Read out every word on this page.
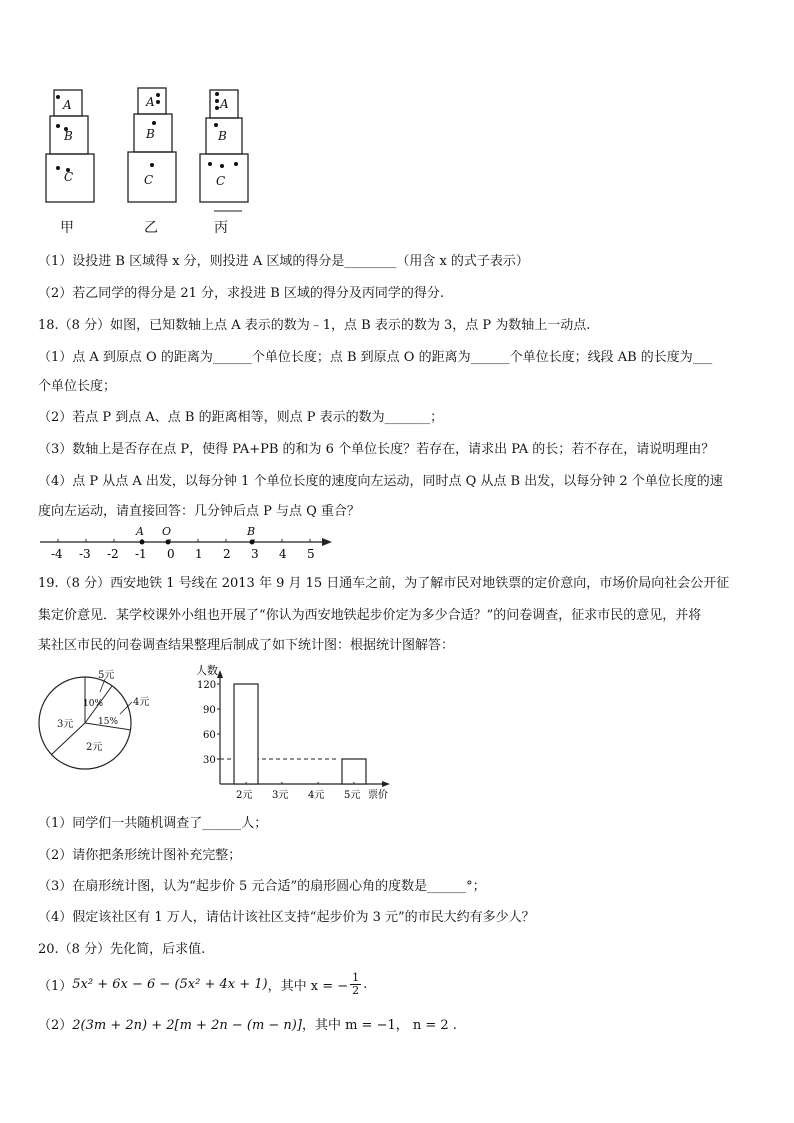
A
B
C
A
B
C
A
B
C
甲	乙	丙
（1）设投进 B 区域得 x 分，则投进 A 区域的得分是________（用含 x 的式子表示）
（2）若乙同学的得分是 21 分，求投进 B 区域的得分及丙同学的得分.
18.（8 分）如图，已知数轴上点 A 表示的数为﹣1，点 B 表示的数为 3，点 P 为数轴上一动点.
（1）点 A 到原点 O 的距离为______个单位长度；点 B 到原点 O 的距离为______个单位长度；线段 AB 的长度为___
个单位长度；
（2）若点 P 到点 A、点 B 的距离相等，则点 P 表示的数为_______；
（3）数轴上是否存在点 P，使得 PA+PB 的和为 6 个单位长度？若存在，请求出 PA 的长；若不存在，请说明理由？
（4）点 P 从点 A 出发，以每分钟 1 个单位长度的速度向左运动，同时点 Q 从点 B 出发，以每分钟 2 个单位长度的速
度向左运动，请直接回答：几分钟后点 P 与点 Q 重合？
-4 -3 -2 -1 0 1 2 3 4 5
A O	B
19.（8 分）西安地铁 1 号线在 2013 年 9 月 15 日通车之前，为了解市民对地铁票的定价意向，市场价局向社会公开征
集定价意见．某学校课外小组也开展了“你认为西安地铁起步价定为多少合适？”的问卷调查，征求市民的意见，并将
某社区市民的问卷调查结果整理后制成了如下统计图：根据统计图解答：
5元
4元
2元
3元
10%
15%
30
60
90
120
2元 3元 4元 5元
人数
票价
（1）同学们一共随机调查了______人；
（2）请你把条形统计图补充完整；
（3）在扇形统计图，认为“起步价 5 元合适”的扇形圆心角的度数是______°；
（4）假定该社区有 1 万人，请估计该社区支持“起步价为 3 元”的市民大约有多少人？
20.（8 分）先化简，后求值.
（1） 5x² + 6x − 6 − (5x² + 4x + 1) ，其中 x = − $\frac{1}{2}$ .
（2）2(3m + 2n) + 2[m + 2n − (m − n)]，其中 m = −1， n = 2 .
